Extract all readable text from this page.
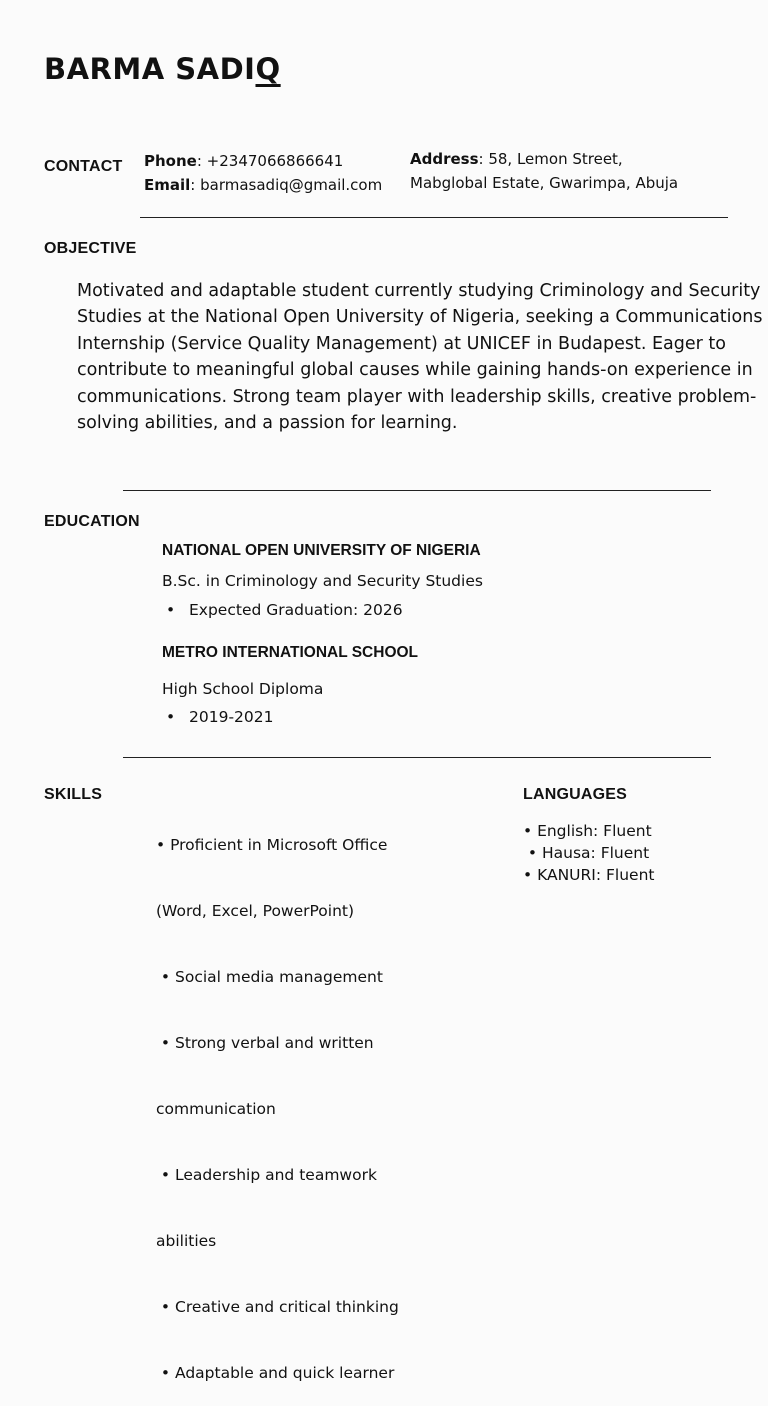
BARMA SADIQ
CONTACT Phone: +2347066866641
Email: barmasadiq@gmail.com
Address: 58, Lemon Street,
Mabglobal Estate, Gwarimpa, Abuja
OBJECTIVE
Motivated and adaptable student currently studying Criminology and Security
Studies at the National Open University of Nigeria, seeking a Communications
Internship (Service Quality Management) at UNICEF in Budapest. Eager to
contribute to meaningful global causes while gaining hands-on experience in
communications. Strong team player with leadership skills, creative problem-
solving abilities, and a passion for learning.
EDUCATION
NATIONAL OPEN UNIVERSITY OF NIGERIA
B.Sc. in Criminology and Security Studies
• Expected Graduation: 2026
METRO INTERNATIONAL SCHOOL
High School Diploma
• 2019-2021
SKILLS

• Proficient in Microsoft Office

(Word, Excel, PowerPoint)

• Social media management

• Strong verbal and written

communication

• Leadership and teamwork

abilities

• Creative and critical thinking

• Adaptable and quick learner

LANGUAGES
• English: Fluent
• Hausa: Fluent
• KANURI: Fluent
